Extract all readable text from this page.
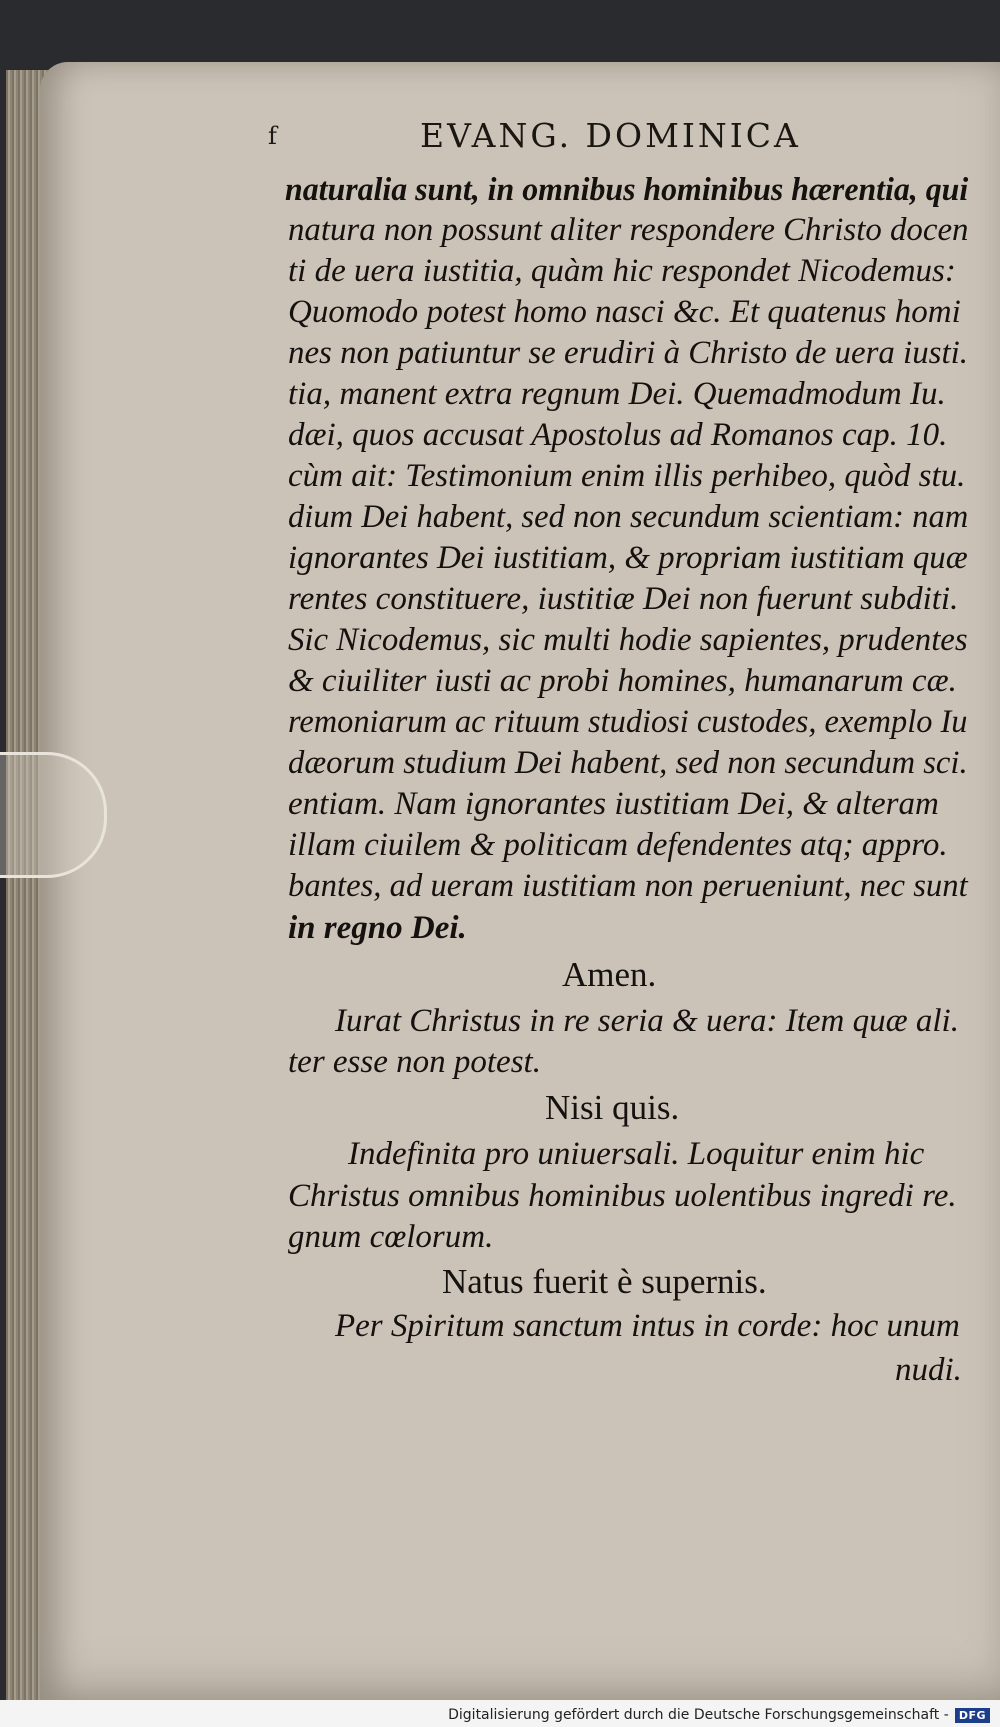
f	EVANG. DOMINICA
naturalia sunt, in omnibus hominibus hærentia, qui
natura non possunt aliter respondere Christo docen
ti de uera iustitia, quàm hic respondet Nicodemus:
Quomodo potest homo nasci &c. Et quatenus homi
nes non patiuntur se erudiri à Christo de uera iusti.
tia, manent extra regnum Dei. Quemadmodum Iu.
dæi, quos accusat Apostolus ad Romanos cap. 10.
cùm ait: Testimonium enim illis perhibeo, quòd stu.
dium Dei habent, sed non secundum scientiam: nam
ignorantes Dei iustitiam, & propriam iustitiam quæ
rentes constituere, iustitiæ Dei non fuerunt subditi.
Sic Nicodemus, sic multi hodie sapientes, prudentes
& ciuiliter iusti ac probi homines, humanarum cæ.
remoniarum ac rituum studiosi custodes, exemplo Iu
dæorum studium Dei habent, sed non secundum sci.
entiam. Nam ignorantes iustitiam Dei, & alteram
illam ciuilem & politicam defendentes atq; appro.
bantes, ad ueram iustitiam non perueniunt, nec sunt
in regno Dei.
Amen.
Iurat Christus in re seria & uera: Item quæ ali.
ter esse non potest.
Nisi quis.
Indefinita pro uniuersali. Loquitur enim hic
Christus omnibus hominibus uolentibus ingredi re.
gnum cœlorum.
Natus fuerit è supernis.
Per Spiritum sanctum intus in corde: hoc unum
nudi.
Digitalisierung gefördert durch die Deutsche Forschungsgemeinschaft - DFG
